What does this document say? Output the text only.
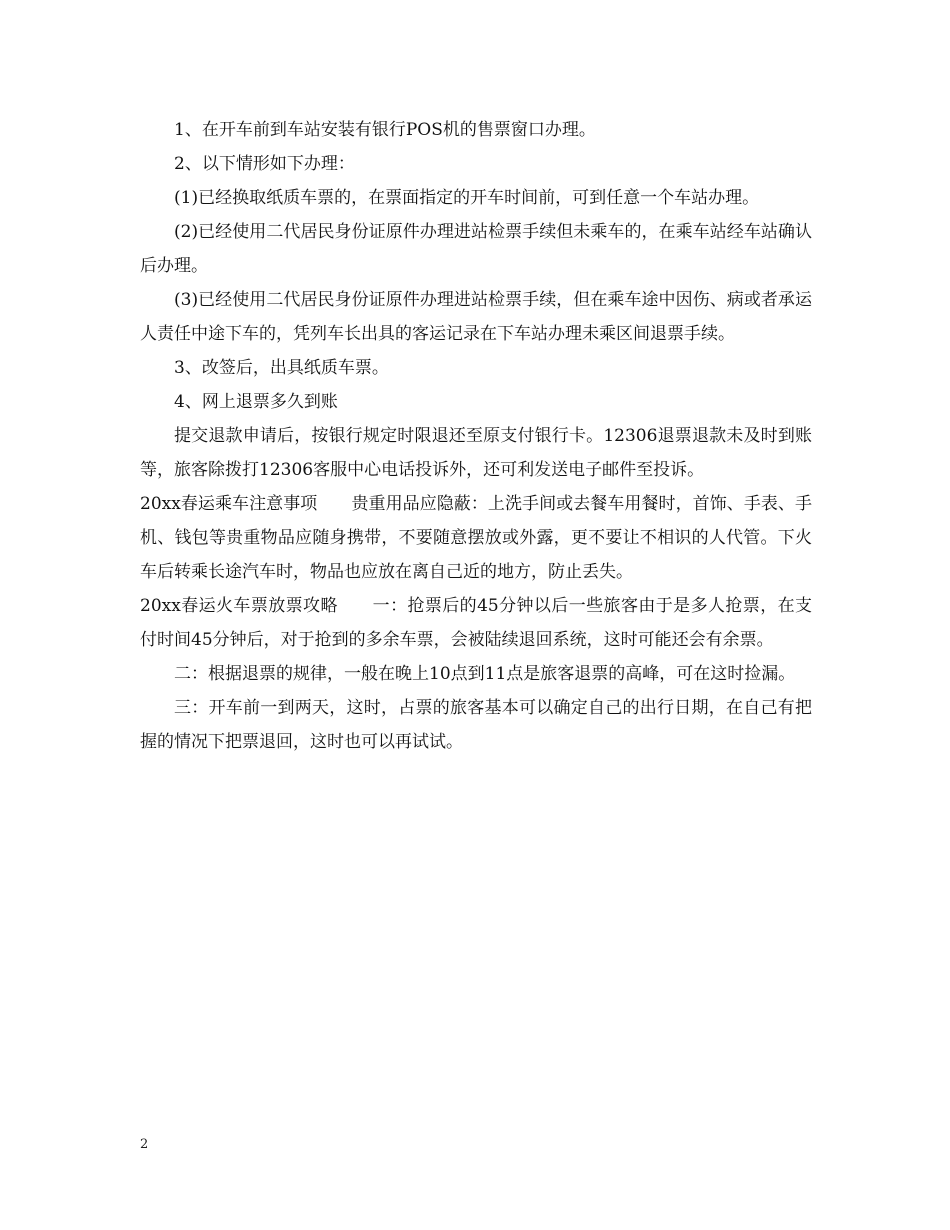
1、在开车前到车站安装有银行POS机的售票窗口办理。

2、以下情形如下办理：

(1)已经换取纸质车票的，在票面指定的开车时间前，可到任意一个车站办理。

(2)已经使用二代居民身份证原件办理进站检票手续但未乘车的，在乘车站经车站确认后办理。

(3)已经使用二代居民身份证原件办理进站检票手续，但在乘车途中因伤、病或者承运人责任中途下车的，凭列车长出具的客运记录在下车站办理未乘区间退票手续。

3、改签后，出具纸质车票。

4、网上退票多久到账

提交退款申请后，按银行规定时限退还至原支付银行卡。12306退票退款未及时到账等，旅客除拨打12306客服中心电话投诉外，还可利发送电子邮件至投诉。

20xx春运乘车注意事项　　贵重用品应隐蔽：上洗手间或去餐车用餐时，首饰、手表、手机、钱包等贵重物品应随身携带，不要随意摆放或外露，更不要让不相识的人代管。下火车后转乘长途汽车时，物品也应放在离自己近的地方，防止丢失。

20xx春运火车票放票攻略　　一：抢票后的45分钟以后一些旅客由于是多人抢票，在支付时间45分钟后，对于抢到的多余车票，会被陆续退回系统，这时可能还会有余票。

二：根据退票的规律，一般在晚上10点到11点是旅客退票的高峰，可在这时捡漏。

三：开车前一到两天，这时，占票的旅客基本可以确定自己的出行日期，在自己有把握的情况下把票退回，这时也可以再试试。

2
